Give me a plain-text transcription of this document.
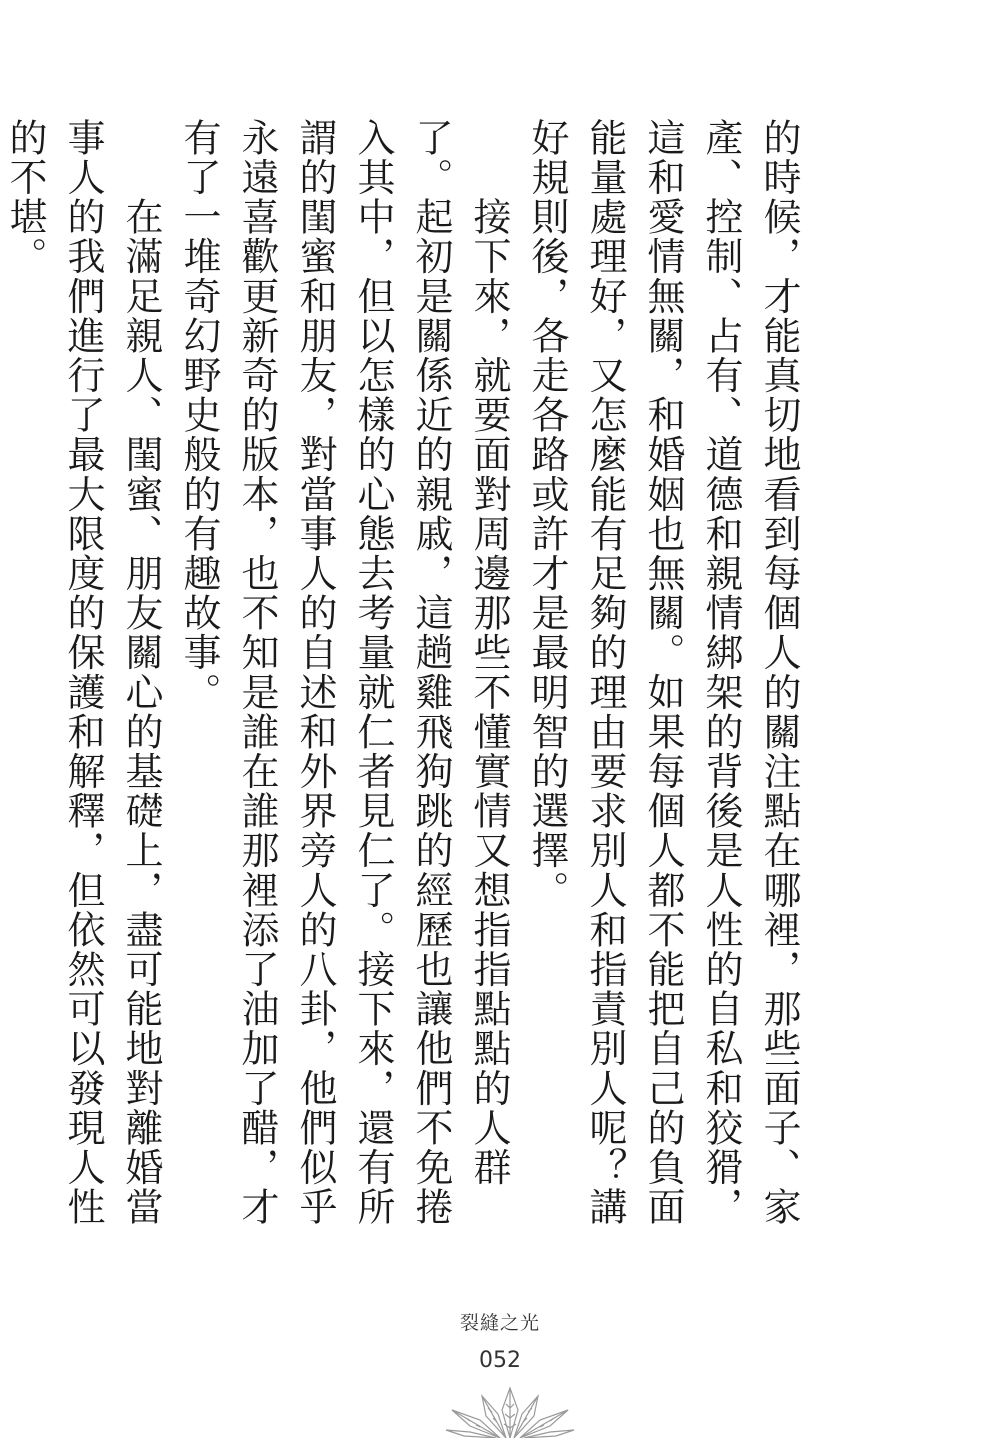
的時候，才能真切地看到每個人的關注點在哪裡，那些面子、家產、控制、占有、道德和親情綁架的背後是人性的自私和狡猾，這和愛情無關，和婚姻也無關。如果每個人都不能把自己的負面能量處理好，又怎麼能有足夠的理由要求別人和指責別人呢？講好規則後，各走各路或許才是最明智的選擇。

　　接下來，就要面對周邊那些不懂實情又想指指點點的人群了。起初是關係近的親戚，這趟雞飛狗跳的經歷也讓他們不免捲入其中，但以怎樣的心態去考量就仁者見仁了。接下來，還有所謂的閨蜜和朋友，對當事人的自述和外界旁人的八卦，他們似乎永遠喜歡更新奇的版本，也不知是誰在誰那裡添了油加了醋，才有了一堆奇幻野史般的有趣故事。

　　在滿足親人、閨蜜、朋友關心的基礎上，盡可能地對離婚當事人的我們進行了最大限度的保護和解釋，但依然可以發現人性的不堪。

裂縫之光
052
